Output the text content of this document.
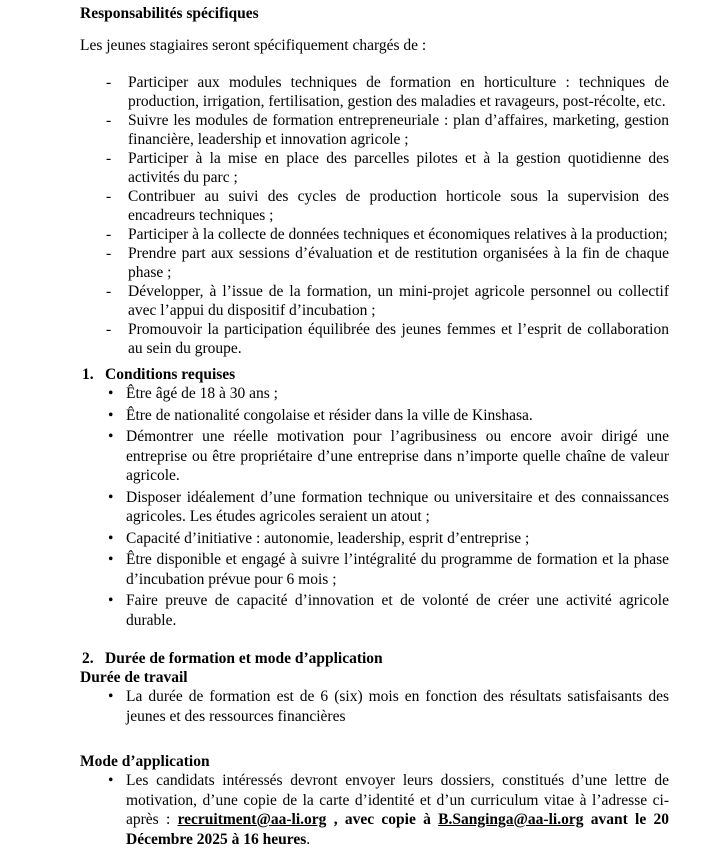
Responsabilités spécifiques

Les jeunes stagiaires seront spécifiquement chargés de :

- Participer aux modules techniques de formation en horticulture : techniques de production, irrigation, fertilisation, gestion des maladies et ravageurs, post-récolte, etc.
- Suivre les modules de formation entrepreneuriale : plan d’affaires, marketing, gestion financière, leadership et innovation agricole ;
- Participer à la mise en place des parcelles pilotes et à la gestion quotidienne des activités du parc ;
- Contribuer au suivi des cycles de production horticole sous la supervision des encadreurs techniques ;
- Participer à la collecte de données techniques et économiques relatives à la production;
- Prendre part aux sessions d’évaluation et de restitution organisées à la fin de chaque phase ;
- Développer, à l’issue de la formation, un mini-projet agricole personnel ou collectif avec l’appui du dispositif d’incubation ;
- Promouvoir la participation équilibrée des jeunes femmes et l’esprit de collaboration au sein du groupe.
1. Conditions requises
• Être âgé de 18 à 30 ans ;
• Être de nationalité congolaise et résider dans la ville de Kinshasa.
• Démontrer une réelle motivation pour l’agribusiness ou encore avoir dirigé une entreprise ou être propriétaire d’une entreprise dans n’importe quelle chaîne de valeur agricole.
• Disposer idéalement d’une formation technique ou universitaire et des connaissances agricoles. Les études agricoles seraient un atout ;
• Capacité d’initiative : autonomie, leadership, esprit d’entreprise ;
• Être disponible et engagé à suivre l’intégralité du programme de formation et la phase d’incubation prévue pour 6 mois ;
• Faire preuve de capacité d’innovation et de volonté de créer une activité agricole durable.
2. Durée de formation et mode d’application

Durée de travail

• La durée de formation est de 6 (six) mois en fonction des résultats satisfaisants des jeunes et des ressources financières

Mode d’application

• Les candidats intéressés devront envoyer leurs dossiers, constitués d’une lettre de motivation, d’une copie de la carte d’identité et d’un curriculum vitae à l’adresse ci-après : recruitment@aa-li.org , avec copie à B.Sanginga@aa-li.org avant le 20 Décembre 2025 à 16 heures.
